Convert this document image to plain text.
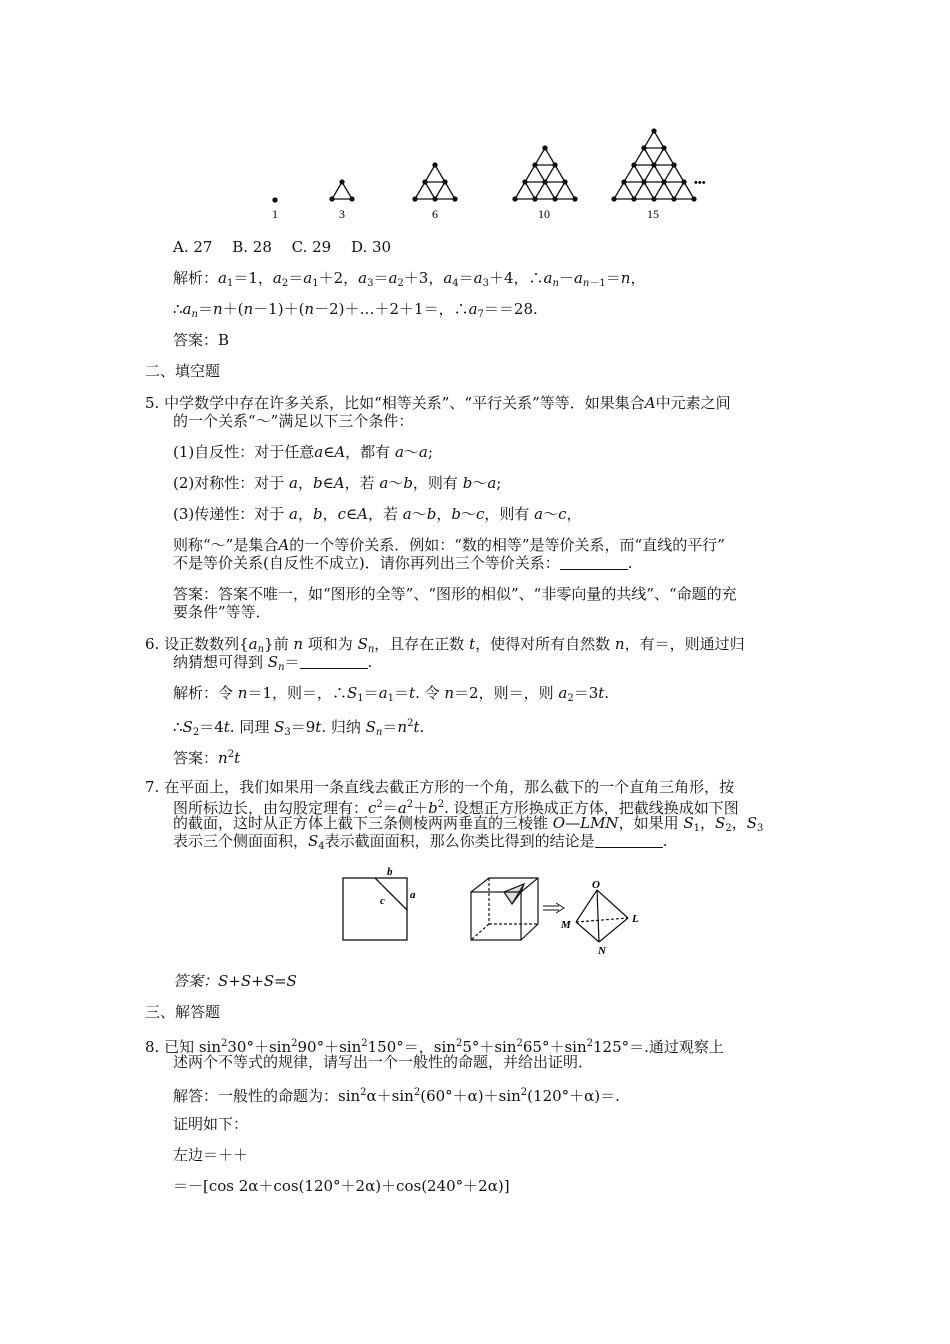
1	3	6	10	15
•••
A. 27　 B. 28　 C. 29　 D. 30
解析：$a_1=1$，$a_2=a_1+2$，$a_3=a_2+3$，$a_4=a_3+4$，$\therefore a_n-a_{n-1}=n$，
$\therefore a_n=n+(n-1)+(n-2)+\dots+2+1=$，$\therefore a_7==28$.
答案：B
二、填空题
5. 中学数学中存在许多关系，比如“相等关系”、“平行关系”等等．如果集合A中元素之间
的一个关系“～”满足以下三个条件：
(1)自反性：对于任意a∈A，都有 a～a;
(2)对称性：对于 a，b∈A，若 a～b，则有 b～a;
(3)传递性：对于 a，b，c∈A，若 a～b，b～c，则有 a～c，
则称“～”是集合A的一个等价关系．例如：“数的相等”是等价关系，而“直线的平行”
不是等价关系(自反性不成立)．请你再列出三个等价关系：	.
答案：答案不唯一，如“图形的全等”、“图形的相似”、“非零向量的共线”、“命题的充
要条件”等等．
6. 设正数数列$\{a_n\}$前 n 项和为 $S_n$，且存在正数 t，使得对所有自然数 n，有＝，则通过归
纳猜想可得到 $S_n=$	.
解析：令 n＝1，则＝，$\therefore S_1=a_1=t$. 令 n＝2，则＝，则 $a_2=3t$.
$\therefore S_2=4t$. 同理 $S_3=9t$. 归纳 $S_n=n^2t$.
答案：$n^2t$
7. 在平面上，我们如果用一条直线去截正方形的一个角，那么截下的一个直角三角形，按
图所标边长，由勾股定理有：$c^2=a^2+b^2$. 设想正方形换成正方体，把截线换成如下图
的截面，这时从正方体上截下三条侧棱两两垂直的三棱锥 O—LMN，如果用 $S_1$，$S_2$，$S_3$
表示三个侧面面积，$S_4$表示截面面积，那么你类比得到的结论是	.
b
a
c
O
M	L
N
答案：S+S+S=S
三、解答题
8. 已知 $\sin^230^\circ+\sin^290^\circ+\sin^2150^\circ=$，$\sin^25^\circ+\sin^265^\circ+\sin^2125^\circ=$.通过观察上
述两个不等式的规律，请写出一个一般性的命题，并给出证明．
解答：一般性的命题为：$\sin^2\alpha+\sin^2(60^\circ+\alpha)+\sin^2(120^\circ+\alpha)=$.
证明如下：
左边＝＋＋
＝－[cos 2α＋cos(120°＋2α)＋cos(240°＋2α)]
